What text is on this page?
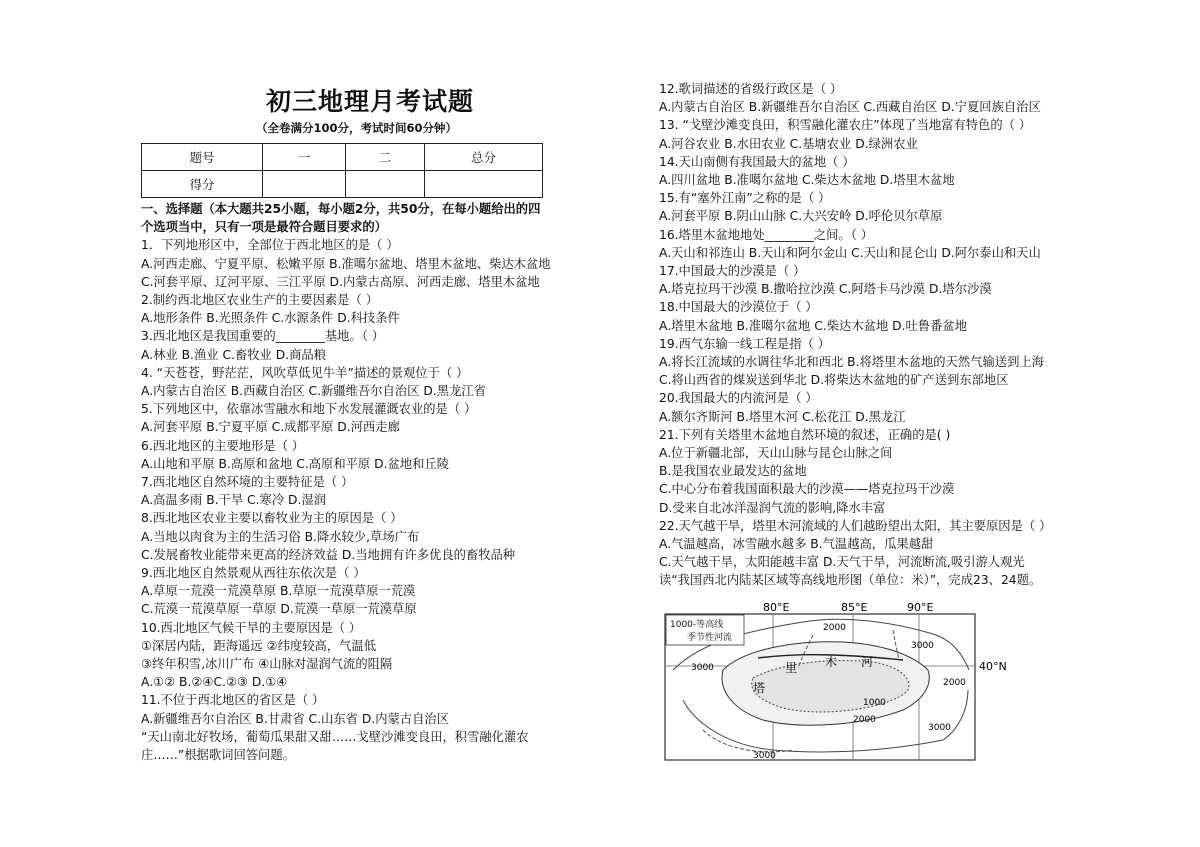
初三地理月考试题
（全卷满分100分，考试时间60分钟）
题号	一	二	总分
得分			
一、选择题（本大题共25小题，每小题2分，共50分，在每小题给出的四
个选项当中，只有一项是最符合题目要求的）
1．下列地形区中，全部位于西北地区的是（ ）
A.河西走廊、宁夏平原、松嫩平原 B.准噶尔盆地、塔里木盆地、柴达木盆地
C.河套平原、辽河平原、三江平原 D.内蒙古高原、河西走廊、塔里木盆地
2.制约西北地区农业生产的主要因素是（ ）
A.地形条件 B.光照条件 C.水源条件 D.科技条件
3.西北地区是我国重要的________基地。（ ）
A.林业 B.渔业 C.畜牧业 D.商品粮
4. “天苍苍，野茫茫，风吹草低见牛羊”描述的景观位于（ ）
A.内蒙古自治区 B.西藏自治区 C.新疆维吾尔自治区 D.黑龙江省
5.下列地区中，依靠冰雪融水和地下水发展灌溉农业的是（ ）
A.河套平原 B.宁夏平原 C.成都平原 D.河西走廊
6.西北地区的主要地形是（ ）
A.山地和平原 B.高原和盆地 C.高原和平原 D.盆地和丘陵
7.西北地区自然环境的主要特征是（ ）
A.高温多雨 B.干旱 C.寒冷 D.湿润
8.西北地区农业主要以畜牧业为主的原因是（ ）
A.当地以肉食为主的生活习俗 B.降水较少,草场广布
C.发展畜牧业能带来更高的经济效益 D.当地拥有许多优良的畜牧品种
9.西北地区自然景观从西往东依次是（ ）
A.草原一荒漠一荒漠草原 B.草原一荒漠草原一荒漠
C.荒漠一荒漠草原一草原 D.荒漠一草原一荒漠草原
10.西北地区气候干旱的主要原因是（ ）
①深居内陆，距海遥远 ②纬度较高，气温低
③终年积雪,冰川广布 ④山脉对湿润气流的阻隔
A.①② B.②④C.②③ D.①④
11.不位于西北地区的省区是（ ）
A.新疆维吾尔自治区 B.甘肃省 C.山东省 D.内蒙古自治区
“天山南北好牧场，葡萄瓜果甜又甜……戈壁沙滩变良田，积雪融化灌农
庄……”根据歌词回答问题。
12.歌词描述的省级行政区是（ ）
A.内蒙古自治区 B.新疆维吾尔自治区 C.西藏自治区 D.宁夏回族自治区
13. “戈壁沙滩变良田，积雪融化灌农庄”体现了当地富有特色的（ ）
A.河谷农业 B.水田农业 C.基塘农业 D.绿洲农业
14.天山南侧有我国最大的盆地（ ）
A.四川盆地 B.准噶尔盆地 C.柴达木盆地 D.塔里木盆地
15.有“塞外江南”之称的是（ ）
A.河套平原 B.阴山山脉 C.大兴安岭 D.呼伦贝尔草原
16.塔里木盆地地处________之间。（ ）
A.天山和祁连山 B.天山和阿尔金山 C.天山和昆仑山 D.阿尔泰山和天山
17.中国最大的沙漠是（ ）
A.塔克拉玛干沙漠 B.撒哈拉沙漠 C.阿塔卡马沙漠 D.塔尔沙漠
18.中国最大的沙漠位于（ ）
A.塔里木盆地 B.准噶尔盆地 C.柴达木盆地 D.吐鲁番盆地
19.西气东输一线工程是指（ ）
A.将长江流域的水调往华北和西北 B.将塔里木盆地的天然气输送到上海
C.将山西省的煤炭送到华北 D.将柴达木盆地的矿产送到东部地区
20.我国最大的内流河是（ ）
A.额尔齐斯河 B.塔里木河 C.松花江 D.黑龙江
21.下列有关塔里木盆地自然环境的叙述，正确的是( )
A.位于新疆北部，天山山脉与昆仑山脉之间
B.是我国农业最发达的盆地
C.中心分布着我国面积最大的沙漠——塔克拉玛干沙漠
D.受来自北冰洋湿润气流的影响,降水丰富
22.天气越干旱，塔里木河流域的人们越盼望出太阳，其主要原因是（ ）
A.气温越高，冰雪融水越多 B.气温越高，瓜果越甜
C.天气越干旱，太阳能越丰富 D.天气干旱，河流断流,吸引游人观光
读“我国西北内陆某区域等高线地形图（单位：米）”，完成23、24题。
1000-等高线
季节性河流
80°E	85°E	90°E
40°N
2000
3000
3000
2000
3000
1000
2000
3000
塔
里 木 河
